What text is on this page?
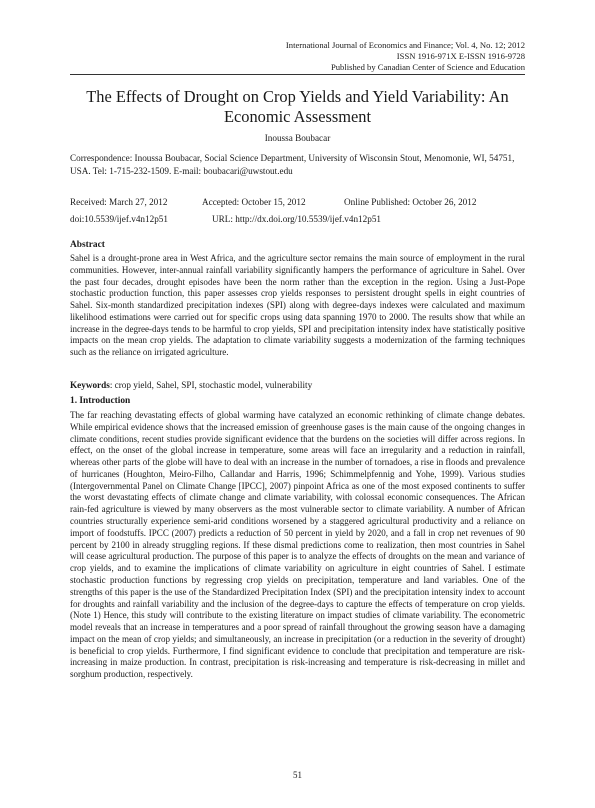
International Journal of Economics and Finance; Vol. 4, No. 12; 2012
ISSN 1916-971X E-ISSN 1916-9728
Published by Canadian Center of Science and Education
The Effects of Drought on Crop Yields and Yield Variability: An Economic Assessment
Inoussa Boubacar
Correspondence: Inoussa Boubacar, Social Science Department, University of Wisconsin Stout, Menomonie, WI, 54751, USA. Tel: 1-715-232-1509. E-mail: boubacari@uwstout.edu
Received: March 27, 2012	Accepted: October 15, 2012	Online Published: October 26, 2012
doi:10.5539/ijef.v4n12p51	URL: http://dx.doi.org/10.5539/ijef.v4n12p51
Abstract

Sahel is a drought-prone area in West Africa, and the agriculture sector remains the main source of employment in the rural communities. However, inter-annual rainfall variability significantly hampers the performance of agriculture in Sahel. Over the past four decades, drought episodes have been the norm rather than the exception in the region. Using a Just-Pope stochastic production function, this paper assesses crop yields responses to persistent drought spells in eight countries of Sahel. Six-month standardized precipitation indexes (SPI) along with degree-days indexes were calculated and maximum likelihood estimations were carried out for specific crops using data spanning 1970 to 2000. The results show that while an increase in the degree-days tends to be harmful to crop yields, SPI and precipitation intensity index have statistically positive impacts on the mean crop yields. The adaptation to climate variability suggests a modernization of the farming techniques such as the reliance on irrigated agriculture.

Keywords: crop yield, Sahel, SPI, stochastic model, vulnerability
1. Introduction

The far reaching devastating effects of global warming have catalyzed an economic rethinking of climate change debates. While empirical evidence shows that the increased emission of greenhouse gases is the main cause of the ongoing changes in climate conditions, recent studies provide significant evidence that the burdens on the societies will differ across regions. In effect, on the onset of the global increase in temperature, some areas will face an irregularity and a reduction in rainfall, whereas other parts of the globe will have to deal with an increase in the number of tornadoes, a rise in floods and prevalence of hurricanes (Houghton, Meiro-Filho, Callandar and Harris, 1996; Schimmelpfennig and Yohe, 1999). Various studies (Intergovernmental Panel on Climate Change [IPCC], 2007) pinpoint Africa as one of the most exposed continents to suffer the worst devastating effects of climate change and climate variability, with colossal economic consequences. The African rain-fed agriculture is viewed by many observers as the most vulnerable sector to climate variability. A number of African countries structurally experience semi-arid conditions worsened by a staggered agricultural productivity and a reliance on import of foodstuffs. IPCC (2007) predicts a reduction of 50 percent in yield by 2020, and a fall in crop net revenues of 90 percent by 2100 in already struggling regions. If these dismal predictions come to realization, then most countries in Sahel will cease agricultural production. The purpose of this paper is to analyze the effects of droughts on the mean and variance of crop yields, and to examine the implications of climate variability on agriculture in eight countries of Sahel. I estimate stochastic production functions by regressing crop yields on precipitation, temperature and land variables. One of the strengths of this paper is the use of the Standardized Precipitation Index (SPI) and the precipitation intensity index to account for droughts and rainfall variability and the inclusion of the degree-days to capture the effects of temperature on crop yields. (Note 1) Hence, this study will contribute to the existing literature on impact studies of climate variability. The econometric model reveals that an increase in temperatures and a poor spread of rainfall throughout the growing season have a damaging impact on the mean of crop yields; and simultaneously, an increase in precipitation (or a reduction in the severity of drought) is beneficial to crop yields. Furthermore, I find significant evidence to conclude that precipitation and temperature are risk-increasing in maize production. In contrast, precipitation is risk-increasing and temperature is risk-decreasing in millet and sorghum production, respectively.

51
